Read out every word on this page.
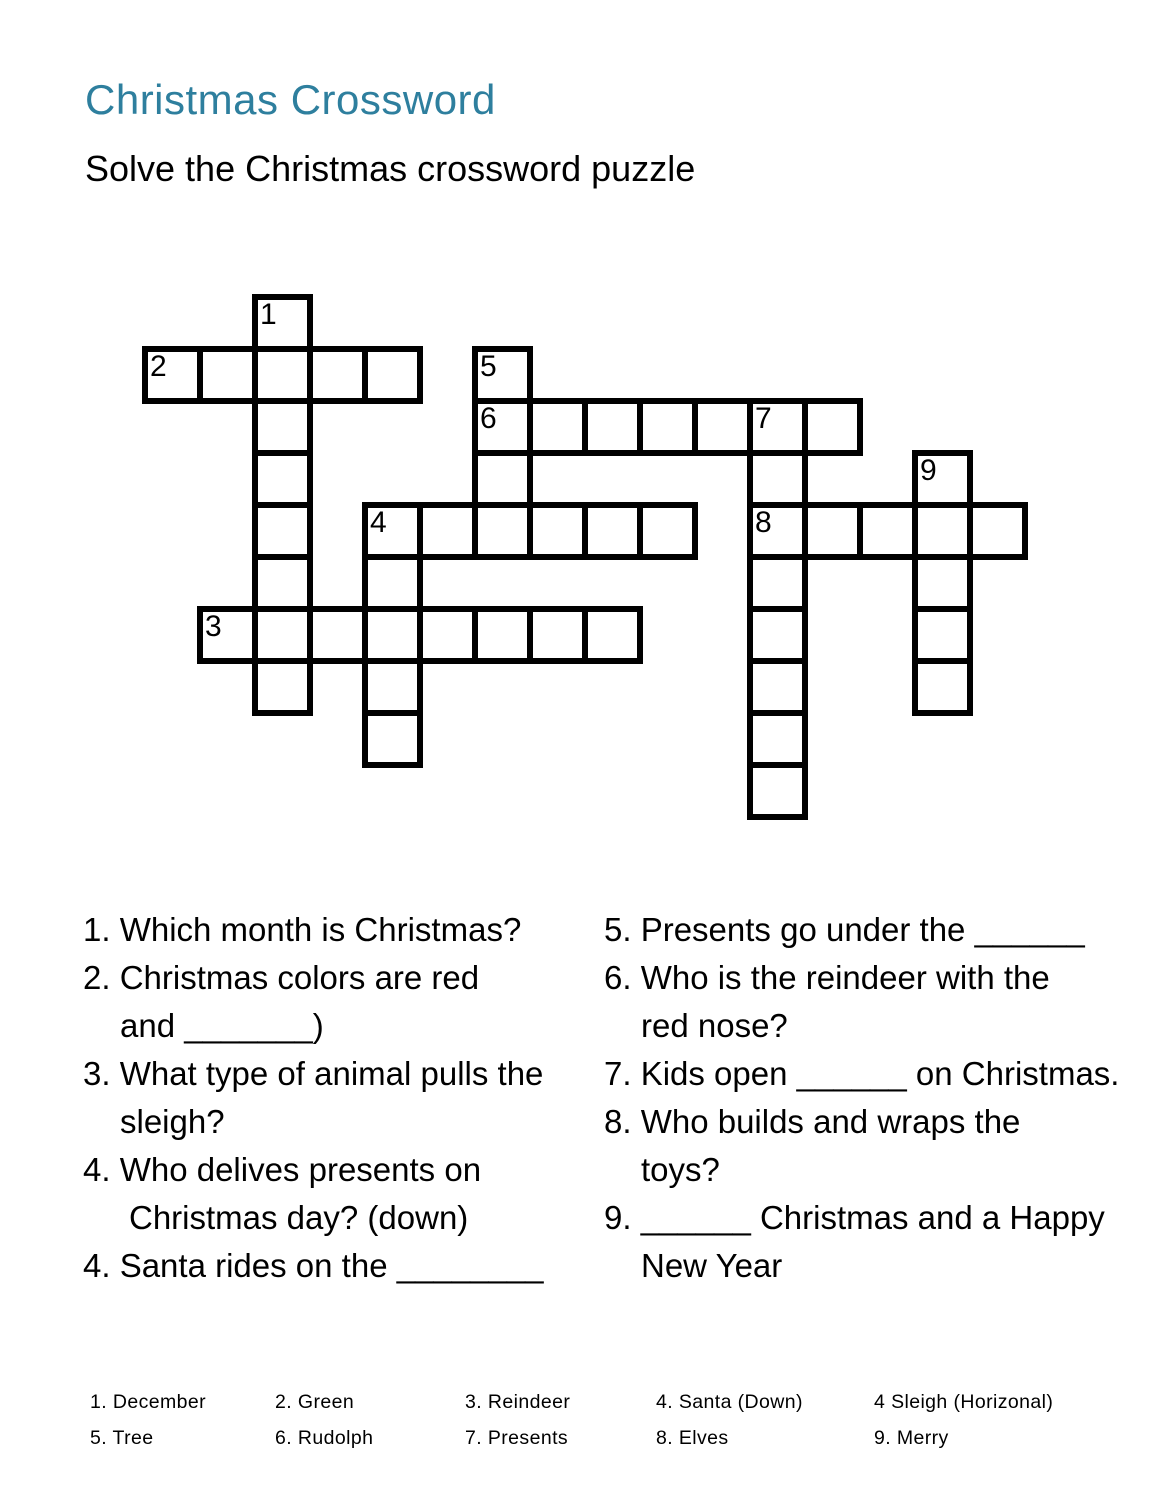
Christmas Crossword

Solve the Christmas crossword puzzle

1
2	5
6	7
8
4
3
9
1. Which month is Christmas?
2. Christmas colors are red
and _______)
3. What type of animal pulls the
sleigh?
4. Who delives presents on
Christmas day? (down)
4. Santa rides on the ________
5. Presents go under the ______
6. Who is the reindeer with the
red nose?
7. Kids open ______ on Christmas.
8. Who builds and wraps the
toys?
9. ______ Christmas and a Happy
New Year
1. December	2. Green	3. Reindeer	4. Santa (Down)	4 Sleigh (Horizonal)
5. Tree	6. Rudolph	7. Presents	8. Elves	9. Merry
